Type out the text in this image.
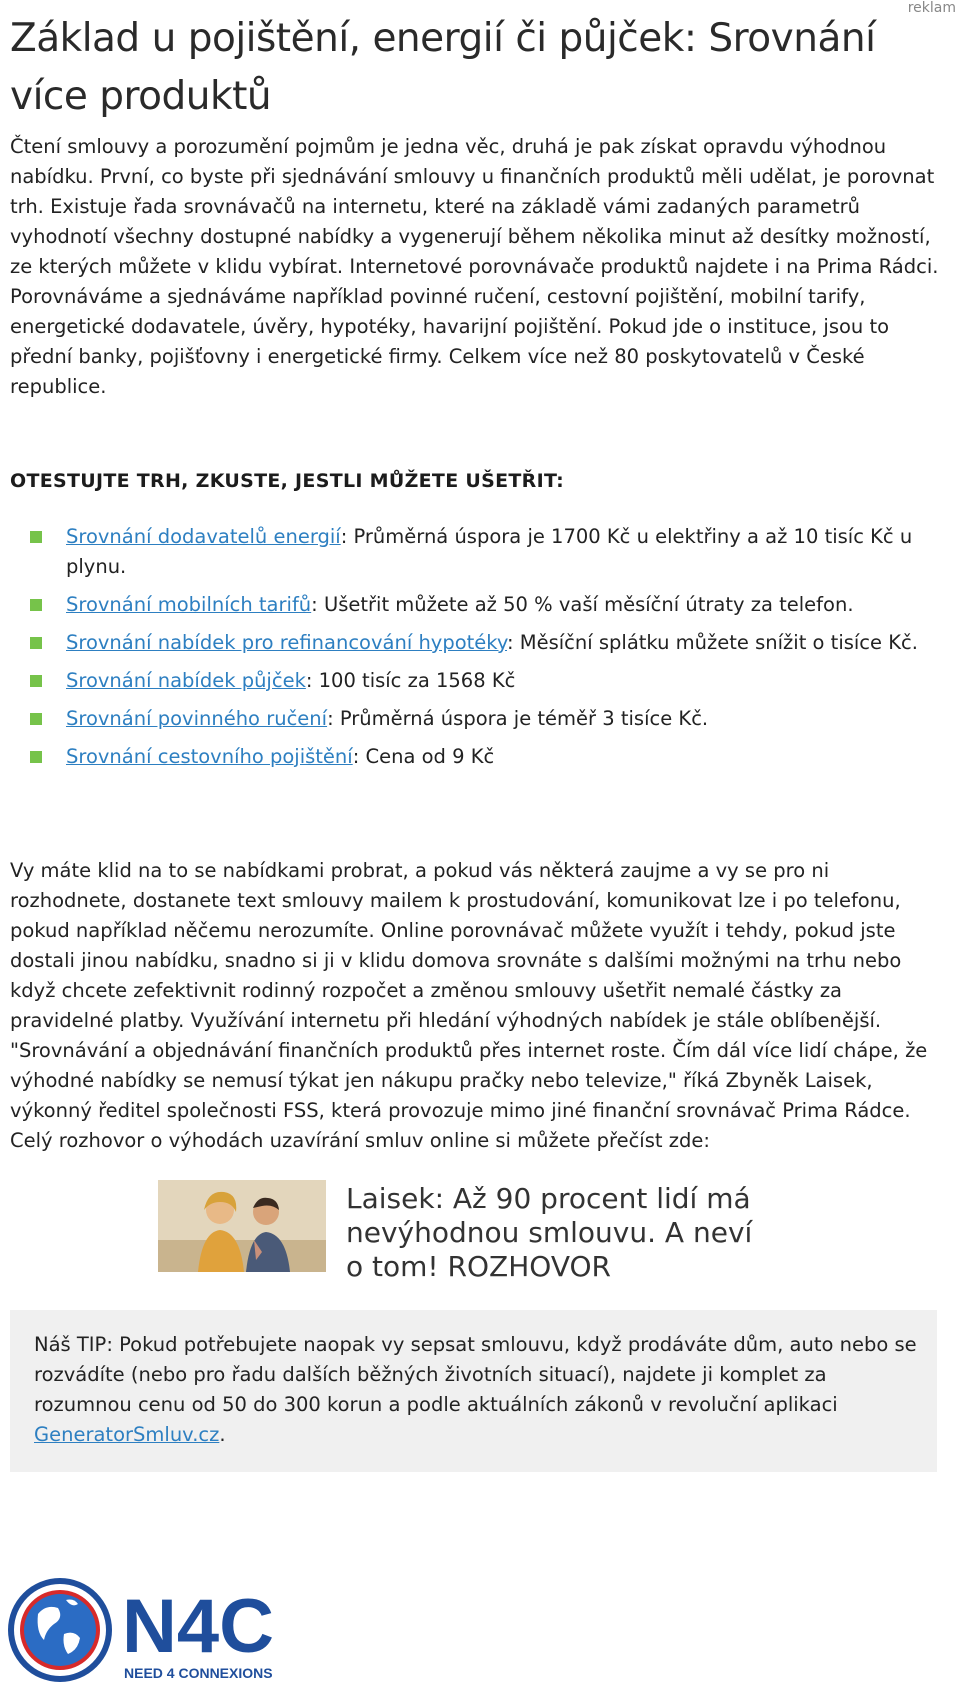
reklam
Základ u pojištění, energií či půjček: Srovnání více produktů

Čtení smlouvy a porozumění pojmům je jedna věc, druhá je pak získat opravdu výhodnou nabídku. První, co byste při sjednávání smlouvy u finančních produktů měli udělat, je porovnat trh. Existuje řada srovnávačů na internetu, které na základě vámi zadaných parametrů vyhodnotí všechny dostupné nabídky a vygenerují během několika minut až desítky možností, ze kterých můžete v klidu vybírat. Internetové porovnávače produktů najdete i na Prima Rádci. Porovnáváme a sjednáváme například povinné ručení, cestovní pojištění, mobilní tarify, energetické dodavatele, úvěry, hypotéky, havarijní pojištění. Pokud jde o instituce, jsou to přední banky, pojišťovny i energetické firmy. Celkem více než 80 poskytovatelů v České republice.

OTESTUJTE TRH, ZKUSTE, JESTLI MŮŽETE UŠETŘIT:
Srovnání dodavatelů energií: Průměrná úspora je 1700 Kč u elektřiny a až 10 tisíc Kč u plynu.
Srovnání mobilních tarifů: Ušetřit můžete až 50 % vaší měsíční útraty za telefon.
Srovnání nabídek pro refinancování hypotéky: Měsíční splátku můžete snížit o tisíce Kč.
Srovnání nabídek půjček: 100 tisíc za 1568 Kč
Srovnání povinného ručení: Průměrná úspora je téměř 3 tisíce Kč.
Srovnání cestovního pojištění: Cena od 9 Kč

Vy máte klid na to se nabídkami probrat, a pokud vás některá zaujme a vy se pro ni rozhodnete, dostanete text smlouvy mailem k prostudování, komunikovat lze i po telefonu, pokud například něčemu nerozumíte. Online porovnávač můžete využít i tehdy, pokud jste dostali jinou nabídku, snadno si ji v klidu domova srovnáte s dalšími možnými na trhu nebo když chcete zefektivnit rodinný rozpočet a změnou smlouvy ušetřit nemalé částky za pravidelné platby. Využívání internetu při hledání výhodných nabídek je stále oblíbenější. "Srovnávání a objednávání finančních produktů přes internet roste. Čím dál více lidí chápe, že výhodné nabídky se nemusí týkat jen nákupu pračky nebo televize," říká Zbyněk Laisek, výkonný ředitel společnosti FSS, která provozuje mimo jiné finanční srovnávač Prima Rádce. Celý rozhovor o výhodách uzavírání smluv online si můžete přečíst zde:

Laisek: Až 90 procent lidí má nevýhodnou smlouvu. A neví o tom! ROZHOVOR
Náš TIP: Pokud potřebujete naopak vy sepsat smlouvu, když prodáváte dům, auto nebo se rozvádíte (nebo pro řadu dalších běžných životních situací), najdete ji komplet za rozumnou cenu od 50 do 300 korun a podle aktuálních zákonů v revoluční aplikaci GeneratorSmluv.cz.
N4C
NEED 4 CONNEXIONS
